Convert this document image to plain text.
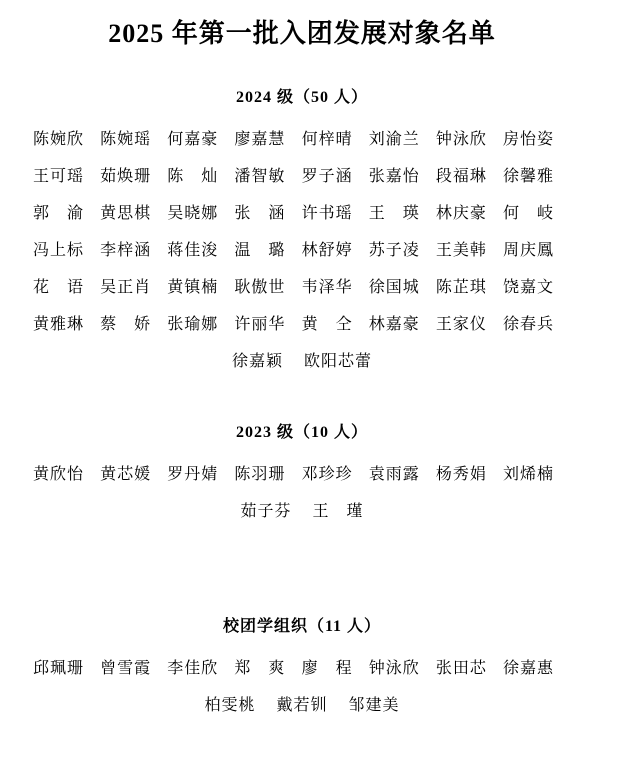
2025 年第一批入团发展对象名单
2024 级（50 人）
陈婉欣 陈婉瑶 何嘉豪 廖嘉慧 何梓晴 刘渝兰 钟泳欣 房怡姿
王可瑶 茹焕珊 陈　灿 潘智敏 罗子涵 张嘉怡 段福琳 徐馨雅
郭　渝 黄思棋 吴晓娜 张　涵 许书瑶 王　瑛 林庆豪 何　岐
冯上标 李梓涵 蒋佳浚 温　璐 林舒婷 苏子凌 王美韩 周庆鳳
花　语 吴正肖 黄镇楠 耿傲世 韦泽华 徐国城 陈芷琪 饶嘉文
黄雅琳 蔡　娇 张瑜娜 许丽华 黄　仝 林嘉豪 王家仪 徐春兵
徐嘉颖 欧阳芯蕾
2023 级（10 人）
黄欣怡 黄芯媛 罗丹婧 陈羽珊 邓珍珍 袁雨露 杨秀娟 刘烯楠
茹子芬 王　瑾
校团学组织（11 人）
邱珮珊 曾雪霞 李佳欣 郑　爽 廖　程 钟泳欣 张田芯 徐嘉惠
柏雯桃 戴若钏 邹建美
